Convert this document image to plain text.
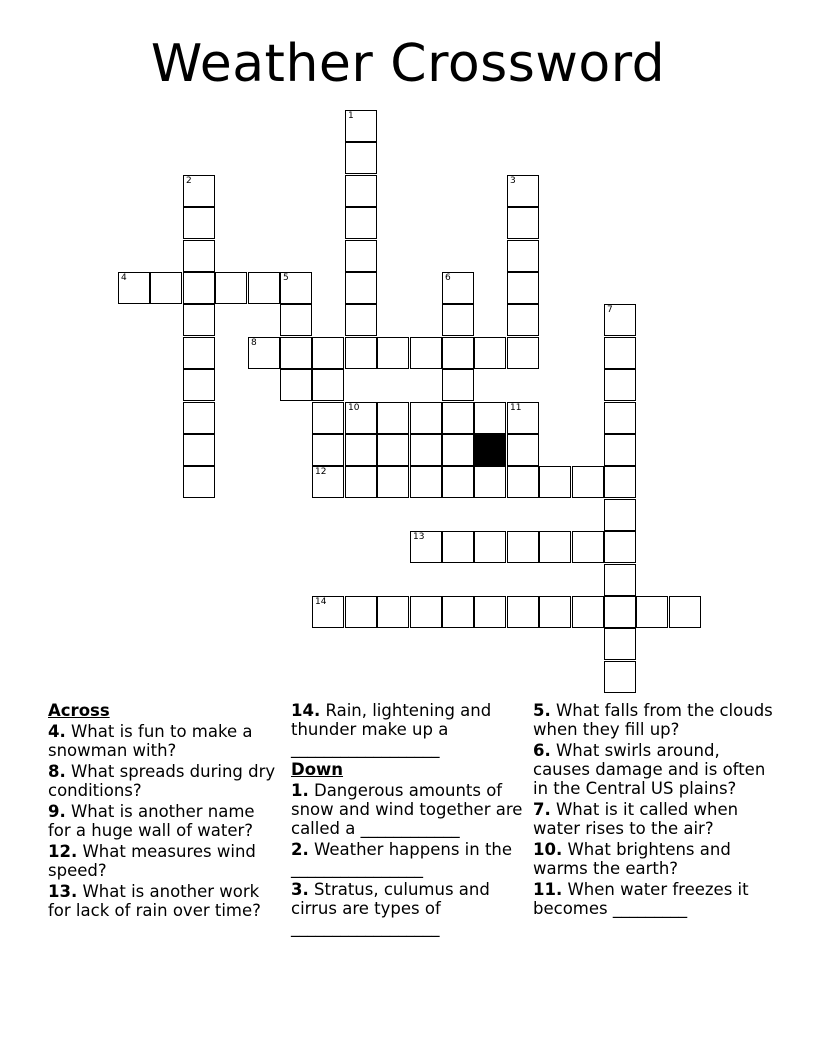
Weather Crossword
1
2	3
4	5	6
7
8
10	11
12
13
14
Across
4. What is fun to make a snowman with?
8. What spreads during dry conditions?
9. What is another name for a huge wall of water?
12. What measures wind speed?
13. What is another work for lack of rain over time?
14. Rain, lightening and thunder make up a __________________
Down
1. Dangerous amounts of snow and wind together are called a ____________
2. Weather happens in the ________________
3. Stratus, culumus and cirrus are types of __________________
5. What falls from the clouds when they fill up?
6. What swirls around, causes damage and is often in the Central US plains?
7. What is it called when water rises to the air?
10. What brightens and warms the earth?
11. When water freezes it becomes _________
